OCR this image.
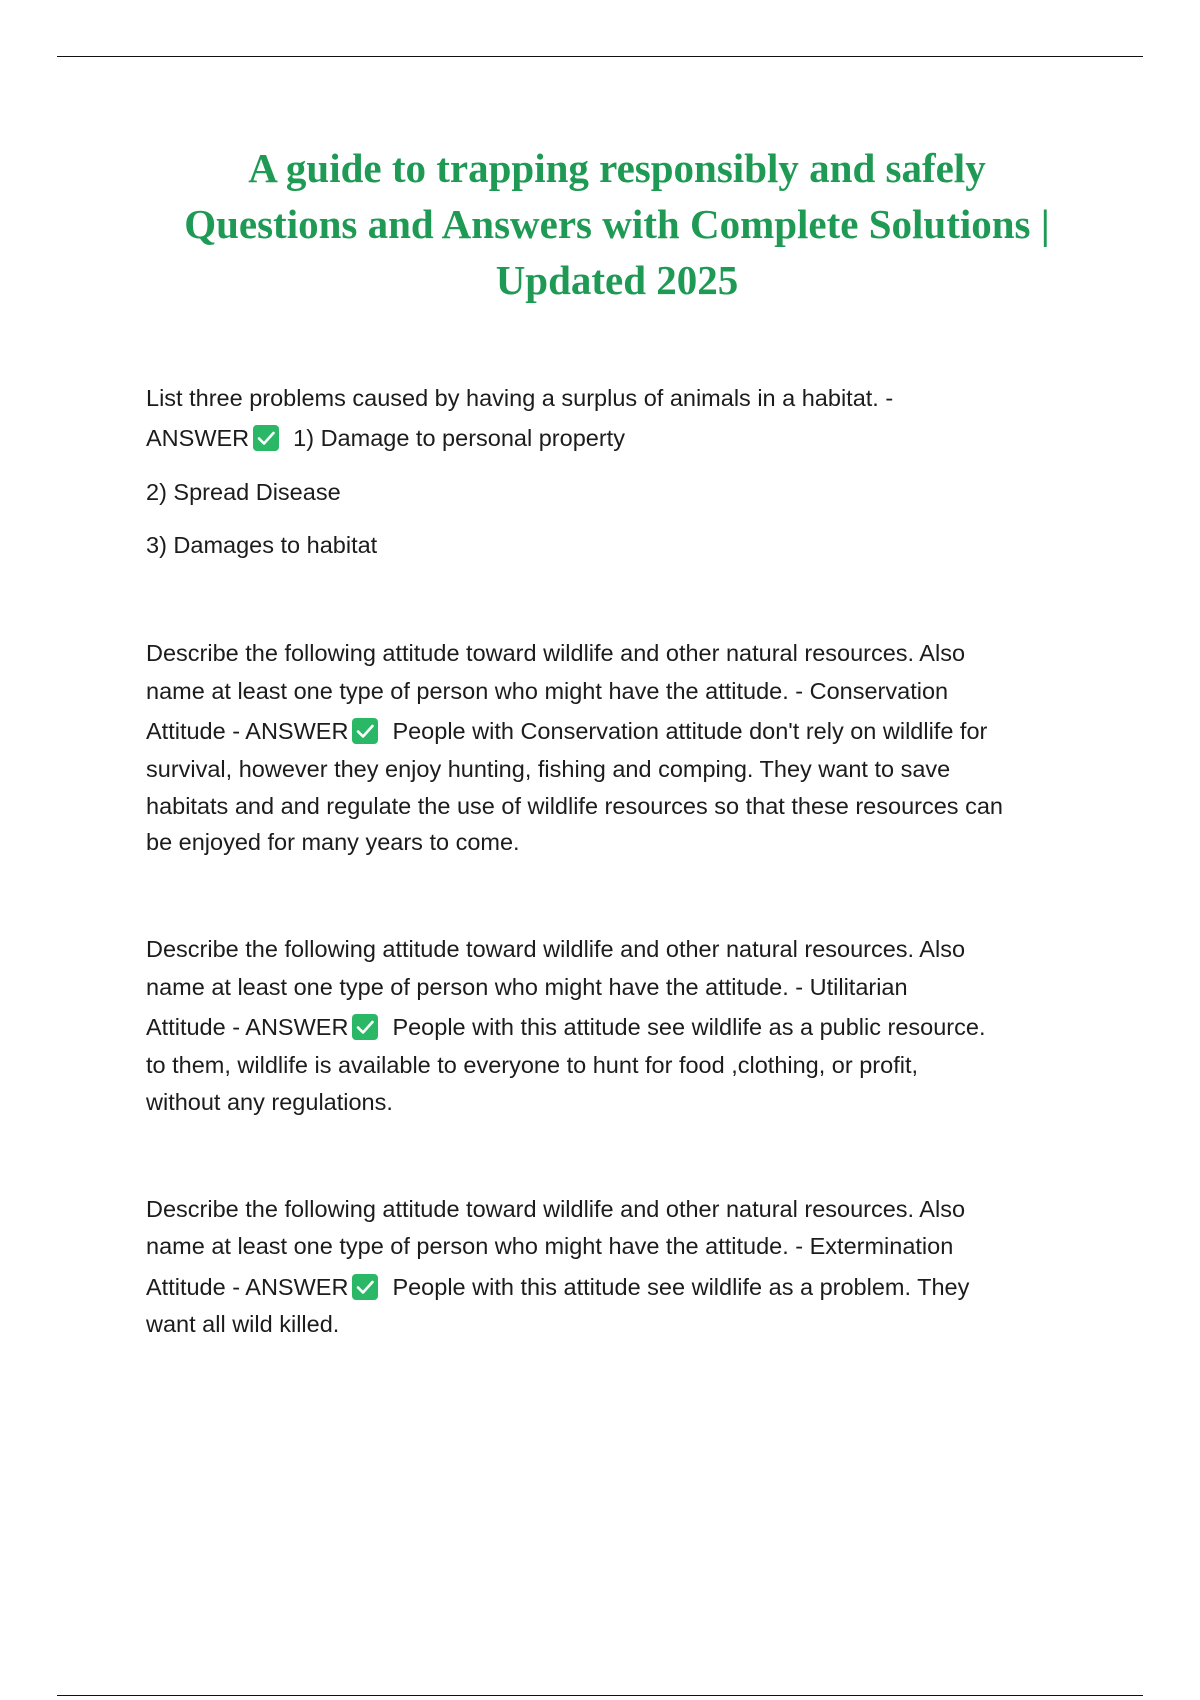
A guide to trapping responsibly and safely
Questions and Answers with Complete Solutions |
Updated 2025
List three problems caused by having a surplus of animals in a habitat. -
ANSWER 1) Damage to personal property
2) Spread Disease
3) Damages to habitat
Describe the following attitude toward wildlife and other natural resources. Also
name at least one type of person who might have the attitude. - Conservation
Attitude - ANSWER People with Conservation attitude don't rely on wildlife for
survival, however they enjoy hunting, fishing and comping. They want to save
habitats and and regulate the use of wildlife resources so that these resources can
be enjoyed for many years to come.
Describe the following attitude toward wildlife and other natural resources. Also
name at least one type of person who might have the attitude. - Utilitarian
Attitude - ANSWER People with this attitude see wildlife as a public resource.
to them, wildlife is available to everyone to hunt for food ,clothing, or profit,
without any regulations.
Describe the following attitude toward wildlife and other natural resources. Also
name at least one type of person who might have the attitude. - Extermination
Attitude - ANSWER People with this attitude see wildlife as a problem. They
want all wild killed.
